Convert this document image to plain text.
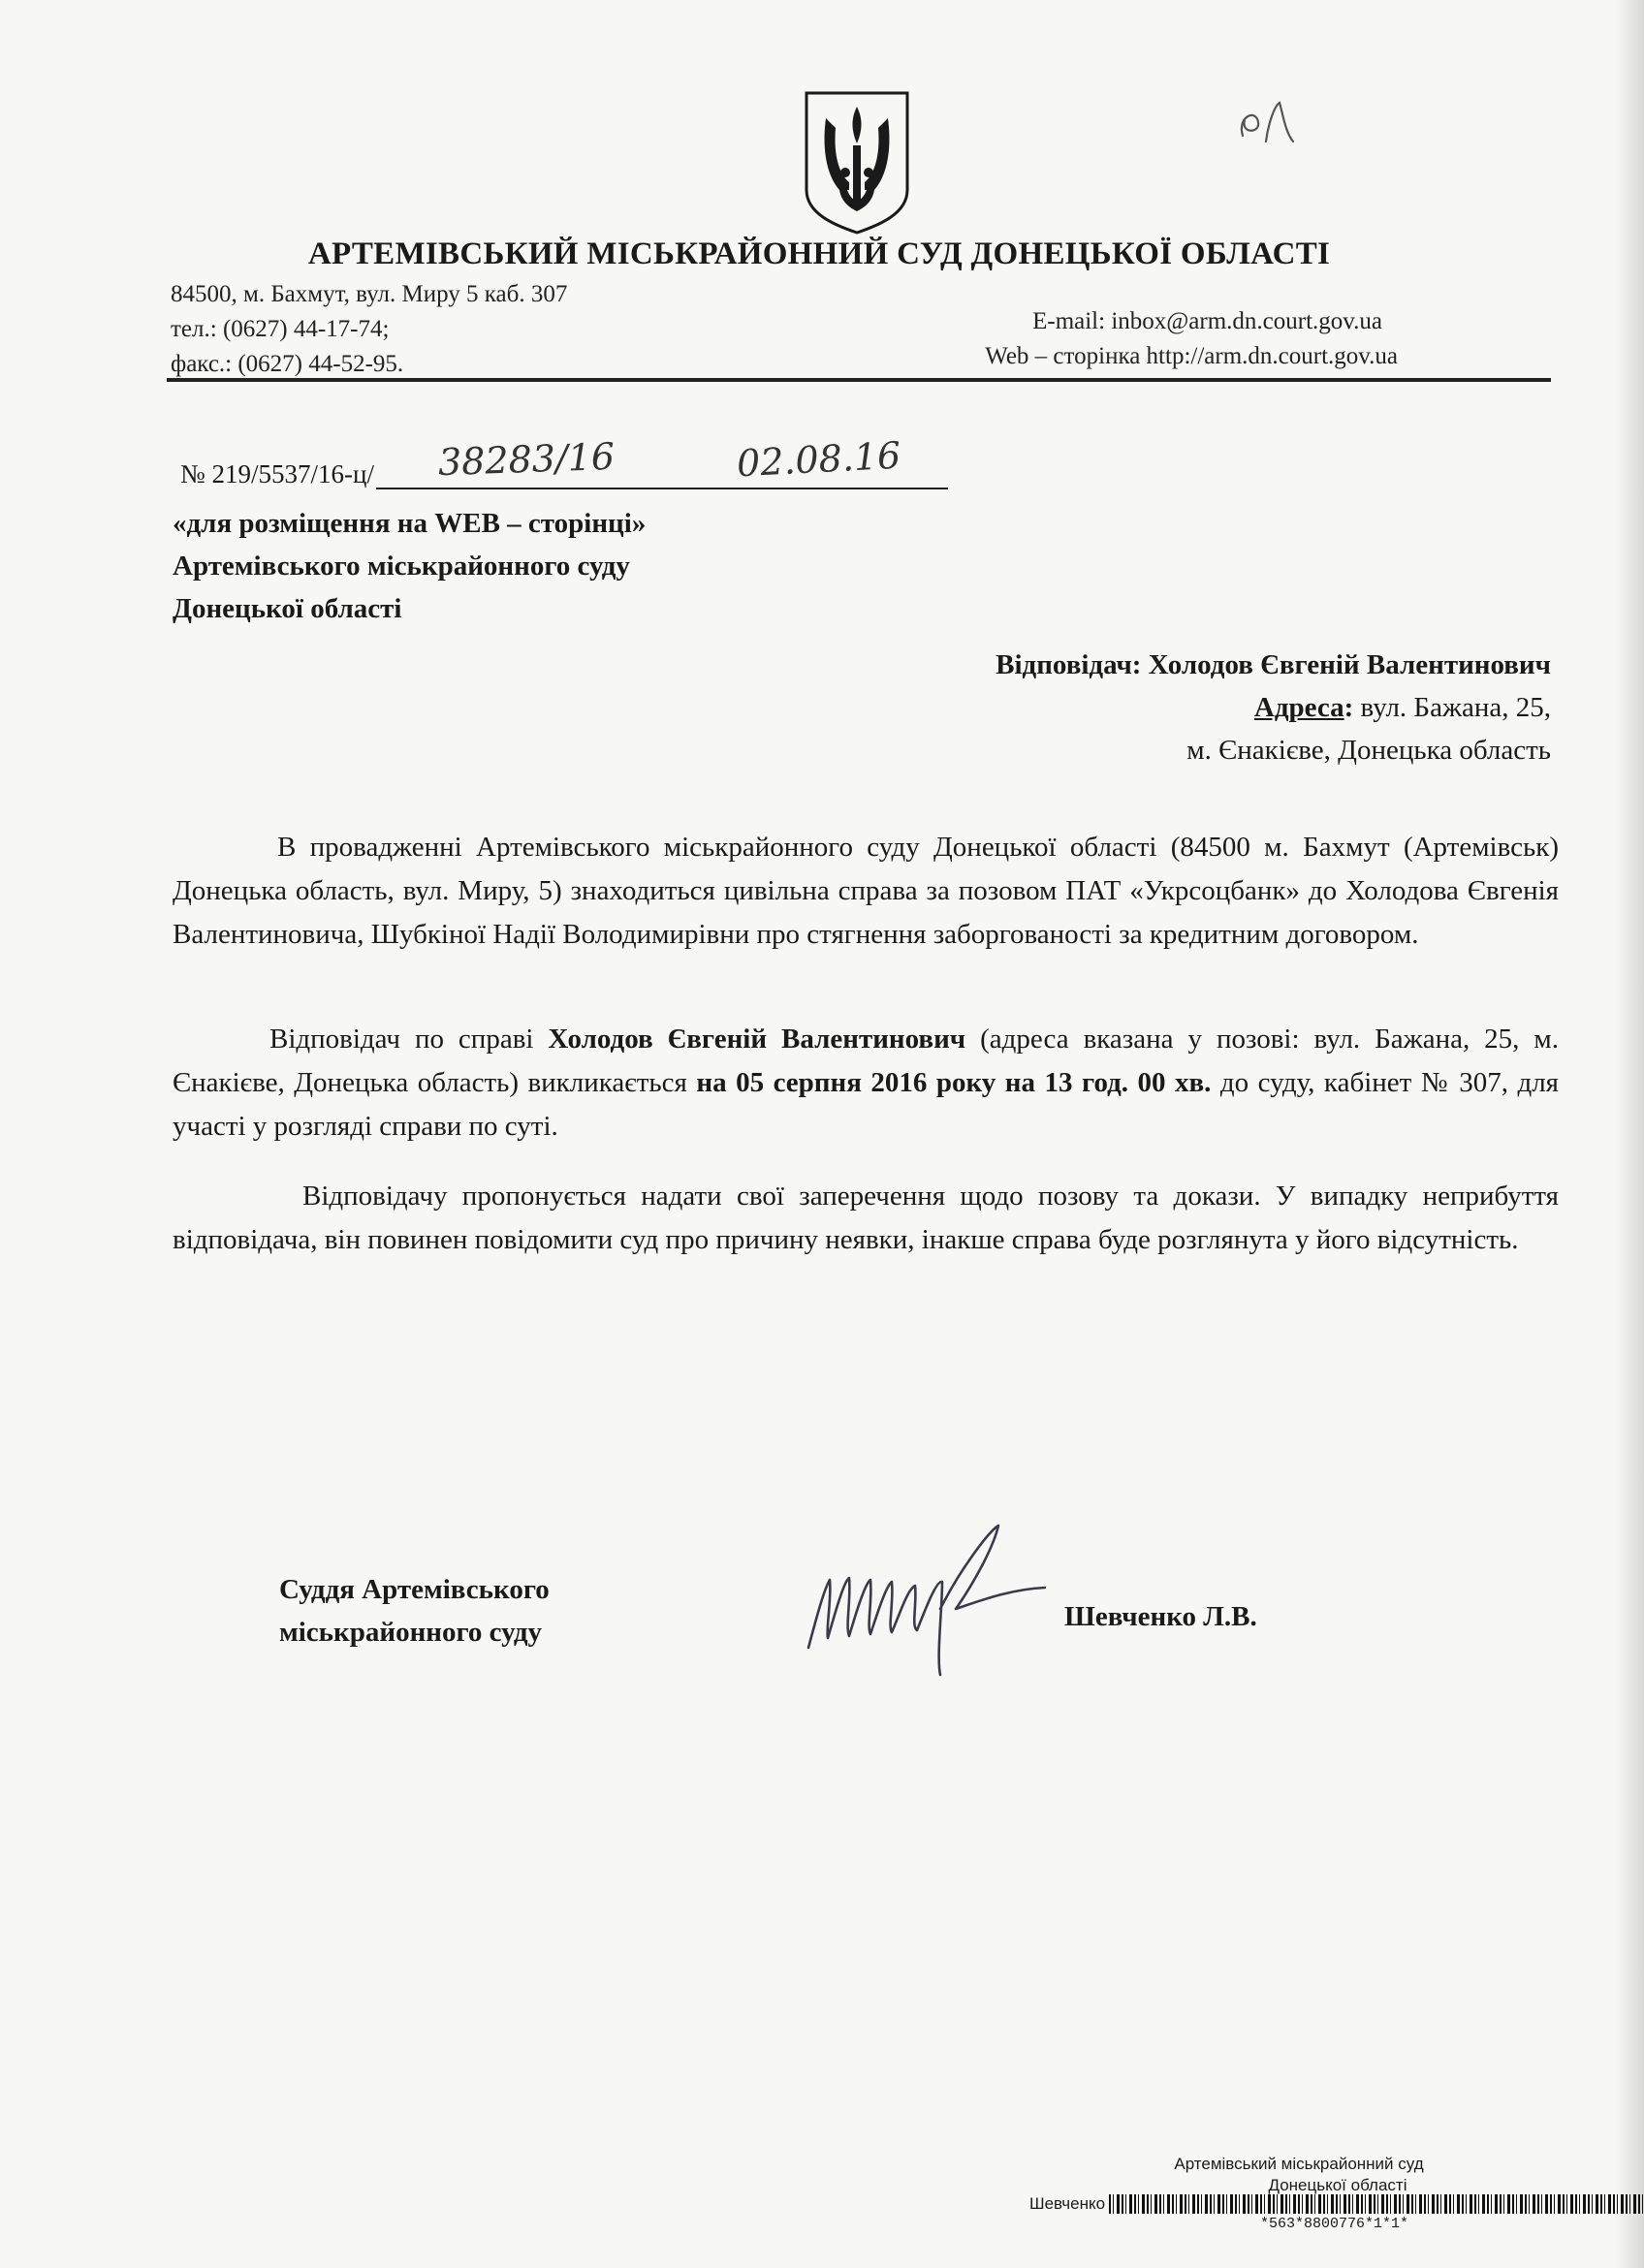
АРТЕМІВСЬКИЙ МІСЬКРАЙОННИЙ СУД ДОНЕЦЬКОЇ ОБЛАСТІ
84500, м. Бахмут, вул. Миру 5 каб. 307
тел.: (0627) 44-17-74;
факс.: (0627) 44-52-95.
E-mail: inbox@arm.dn.court.gov.ua
Web – сторінка http://arm.dn.court.gov.ua
№ 219/5537/16-ц/	38283/16	02.08.16
«для розміщення на WEB – сторінці»
Артемівського міськрайонного суду
Донецької області
Відповідач: Холодов Євгеній Валентинович
Адреса: вул. Бажана, 25,
м. Єнакієве, Донецька область
В провадженні Артемівського міськрайонного суду Донецької області (84500 м. Бахмут (Артемівськ) Донецька область, вул. Миру, 5) знаходиться цивільна справа за позовом ПАТ «Укрсоцбанк» до Холодова Євгенія Валентиновича, Шубкіної Надії Володимирівни про стягнення заборгованості за кредитним договором.
Відповідач по справі Холодов Євгеній Валентинович (адреса вказана у позові: вул. Бажана, 25, м. Єнакієве, Донецька область) викликається на 05 серпня 2016 року на 13 год. 00 хв. до суду, кабінет № 307, для участі у розгляді справи по суті.
Відповідачу пропонується надати свої заперечення щодо позову та докази. У випадку неприбуття відповідача, він повинен повідомити суд про причину неявки, інакше справа буде розглянута у його відсутність.
Суддя Артемівського
міськрайонного суду	Шевченко Л.В.
Артемівський міськрайонний суд
Донецької області
Шевченко
*563*8800776*1*1*
